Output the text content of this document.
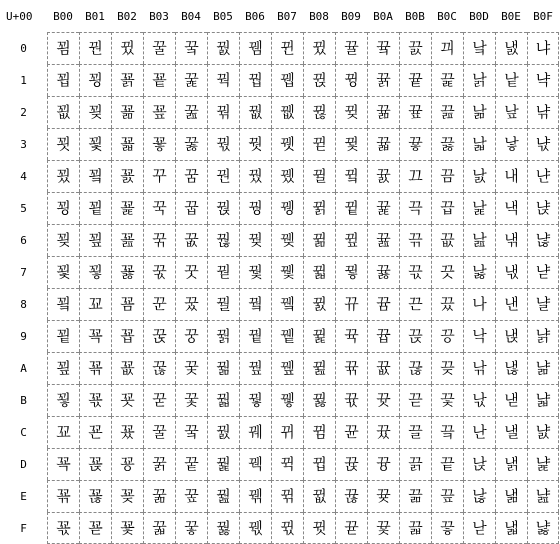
U+00	B00	B01	B02	B03	B04	B05	B06	B07	B08	B09	B0A	B0B	B0C	B0D	B0E	B0F
0	꾐	꿘	뀠	꿀	꿐	꿠	뀀	뀐	뀠	뀰	끀	끐	끠	낰	냀	냐
1	꾑	꾕	꾥	꾵	꿅	꿕	꿥	뀁	뀑	뀡	뀱	끁	끑	낡	낱	냑
2	꾒	꾖	꾦	꾶	꿆	꿖	꿦	뀂	뀒	뀢	뀲	끂	끒	낢	낲	냒
3	꾓	꾗	꾧	꾷	꿇	꿗	꿧	뀃	뀓	뀣	뀳	끃	끓	낣	낳	냓
4	꾔	꾘	꾨	꾸	꿈	꿘	꿨	뀄	뀔	뀤	뀴	끄	끔	낤	내	냔
5	꾕	꾙	꾩	꾹	꿉	꿙	꿩	뀅	뀕	뀥	뀵	끅	끕	낥	낵	냕
6	꾖	꾚	꾪	꾺	꿊	꿚	꿪	뀆	뀖	뀦	뀶	끆	끖	낦	낶	냖
7	꾗	꾛	꾫	꾻	꿋	꿛	꿫	뀇	뀗	뀧	뀷	끇	끗	낧	낷	냗
8	꾘	꾜	꾬	꾼	꿌	꿜	꿬	뀈	뀘	뀨	뀸	끈	끘	나	낸	냘
9	꾙	꾝	꾭	꾽	꿍	꿝	꿭	뀉	뀙	뀩	뀹	끉	끙	낙	낹	냙
A	꾚	꾞	꾮	꾾	꿎	꿞	꿮	뀊	뀚	뀪	뀺	끊	끚	낚	낺	냚
B	꾛	꾟	꾯	꾿	꿏	꿟	꿯	뀋	뀛	뀫	뀻	끋	끛	낛	낻	냛
C	꾜	꾠	꾰	꿀	꿐	꿠	꿰	뀌	뀜	뀬	뀼	끌	끜	난	낼	냜
D	꾝	꾡	꾱	꿁	꿑	꿡	꿱	뀍	뀝	뀭	뀽	끍	끝	낝	낽	냝
E	꾞	꾢	꾲	꿂	꿒	꿢	꿲	뀎	뀞	뀮	뀾	끎	끞	낞	낾	냞
F	꾟	꾣	꾳	꿃	꿓	꿣	꿳	뀏	뀟	뀯	뀿	끏	끟	낟	낿	냟
